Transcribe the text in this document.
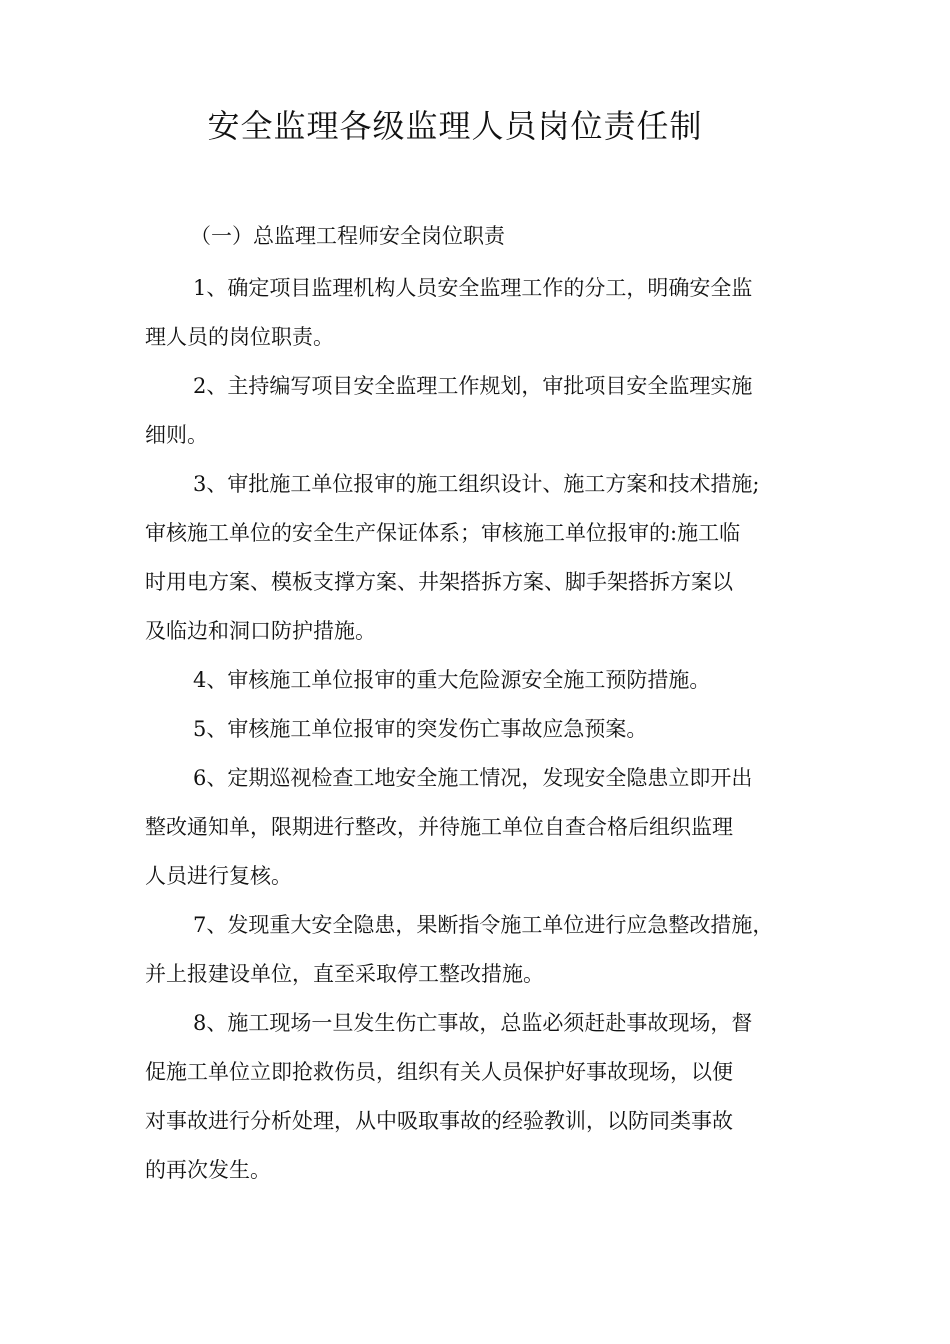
安全监理各级监理人员岗位责任制

（一）总监理工程师安全岗位职责

1、确定项目监理机构人员安全监理工作的分工，明确安全监
理人员的岗位职责。

2、主持编写项目安全监理工作规划，审批项目安全监理实施
细则。

3、审批施工单位报审的施工组织设计、施工方案和技术措施;
审核施工单位的安全生产保证体系；审核施工单位报审的:施工临
时用电方案、模板支撑方案、井架搭拆方案、脚手架搭拆方案以
及临边和洞口防护措施。

4、审核施工单位报审的重大危险源安全施工预防措施。

5、审核施工单位报审的突发伤亡事故应急预案。

6、定期巡视检查工地安全施工情况，发现安全隐患立即开出
整改通知单，限期进行整改，并待施工单位自查合格后组织监理
人员进行复核。

7、发现重大安全隐患，果断指令施工单位进行应急整改措施，
并上报建设单位，直至采取停工整改措施。

8、施工现场一旦发生伤亡事故，总监必须赶赴事故现场，督
促施工单位立即抢救伤员，组织有关人员保护好事故现场，以便
对事故进行分析处理，从中吸取事故的经验教训，以防同类事故
的再次发生。
